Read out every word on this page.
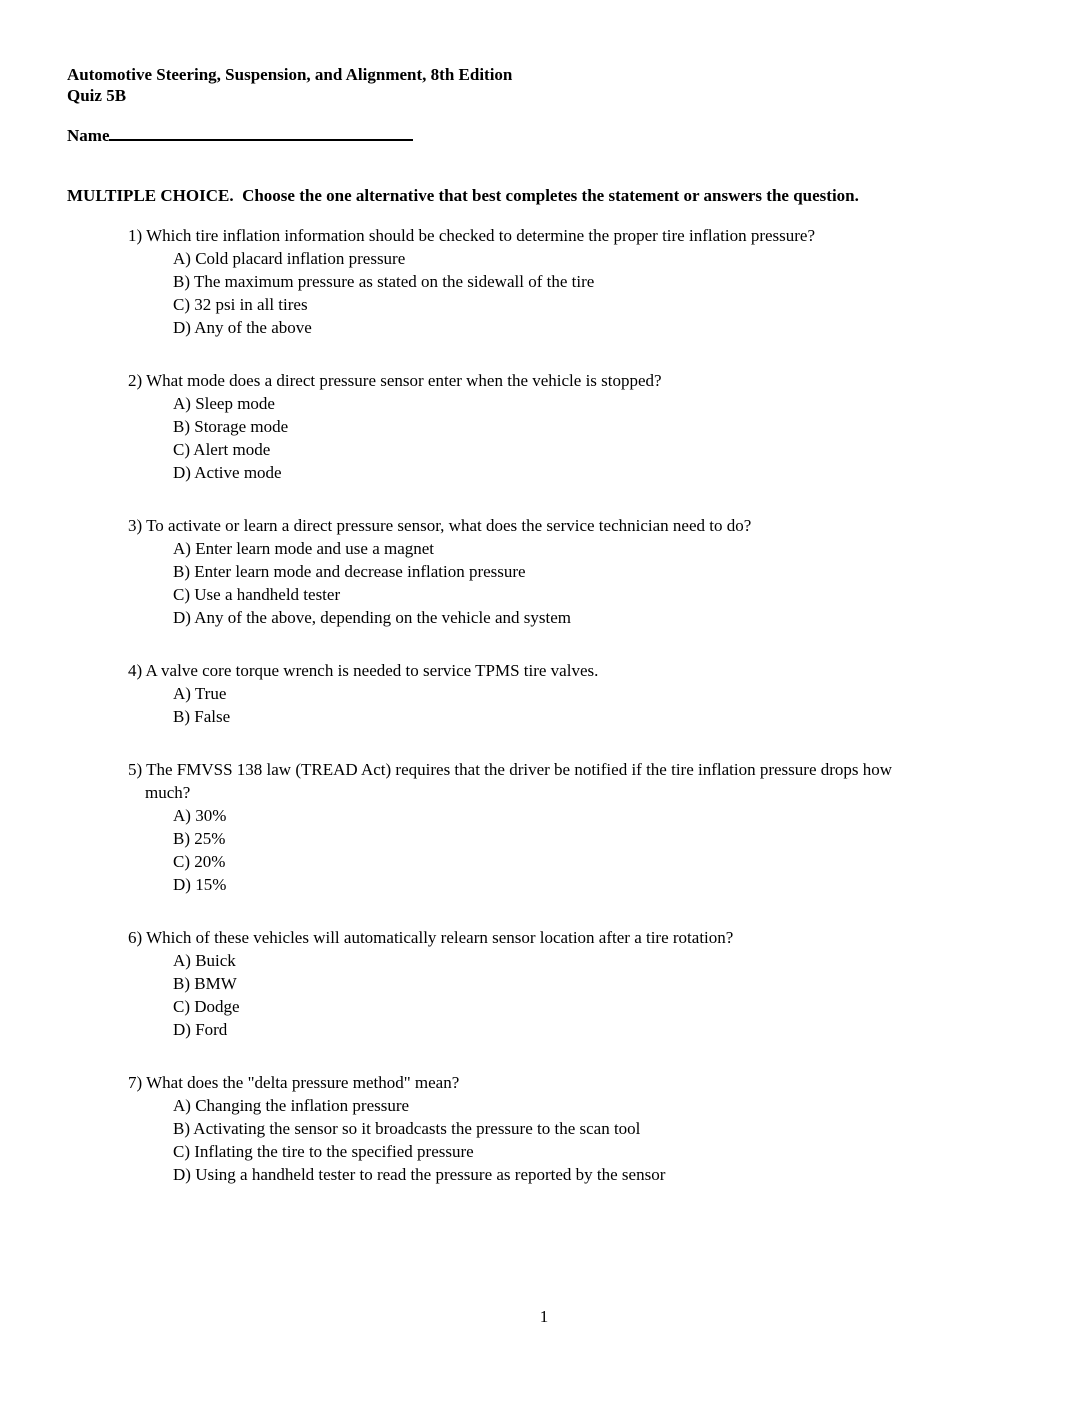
Automotive Steering, Suspension, and Alignment, 8th Edition
Quiz 5B
Name

MULTIPLE CHOICE.  Choose the one alternative that best completes the statement or answers the question.

1) Which tire inflation information should be checked to determine the proper tire inflation pressure?

A) Cold placard inflation pressure

B) The maximum pressure as stated on the sidewall of the tire

C) 32 psi in all tires

D) Any of the above

2) What mode does a direct pressure sensor enter when the vehicle is stopped?

A) Sleep mode

B) Storage mode

C) Alert mode

D) Active mode

3) To activate or learn a direct pressure sensor, what does the service technician need to do?

A) Enter learn mode and use a magnet

B) Enter learn mode and decrease inflation pressure

C) Use a handheld tester

D) Any of the above, depending on the vehicle and system

4) A valve core torque wrench is needed to service TPMS tire valves.

A) True

B) False

5) The FMVSS 138 law (TREAD Act) requires that the driver be notified if the tire inflation pressure drops how

much?

A) 30%

B) 25%

C) 20%

D) 15%

6) Which of these vehicles will automatically relearn sensor location after a tire rotation?

A) Buick

B) BMW

C) Dodge

D) Ford

7) What does the "delta pressure method" mean?

A) Changing the inflation pressure

B) Activating the sensor so it broadcasts the pressure to the scan tool

C) Inflating the tire to the specified pressure

D) Using a handheld tester to read the pressure as reported by the sensor

1
